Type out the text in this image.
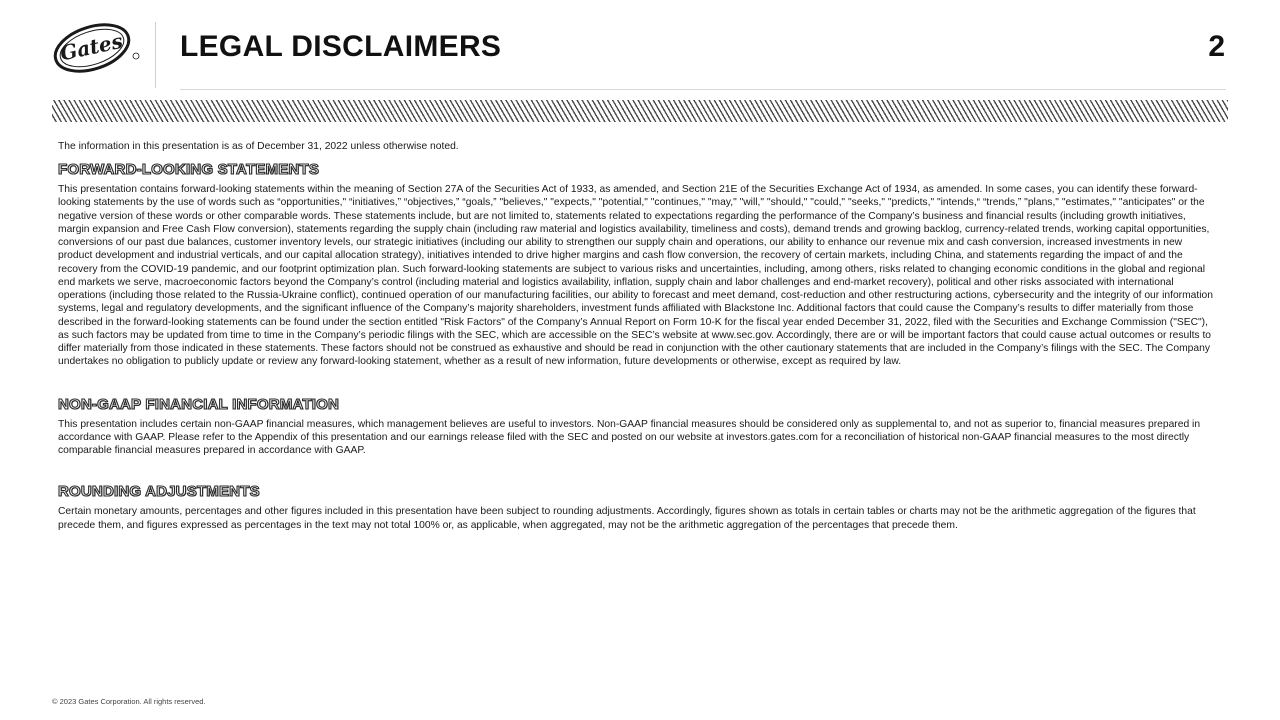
Gates LEGAL DISCLAIMERS	2

The information in this presentation is as of December 31, 2022 unless otherwise noted.

FORWARD-LOOKING STATEMENTS

This presentation contains forward-looking statements within the meaning of Section 27A of the Securities Act of 1933, as amended, and Section 21E of the Securities Exchange Act of 1934, as amended. In some cases, you can identify these forward-looking statements by the use of words such as “opportunities," “initiatives,” “objectives,” “goals,” "believes," "expects," "potential," "continues," "may," "will," "should," "could," "seeks," "predicts," "intends,“ “trends,” "plans," "estimates," "anticipates" or the negative version of these words or other comparable words. These statements include, but are not limited to, statements related to expectations regarding the performance of the Company’s business and financial results (including growth initiatives, margin expansion and Free Cash Flow conversion), statements regarding the supply chain (including raw material and logistics availability, timeliness and costs), demand trends and growing backlog, currency-related trends, working capital opportunities, conversions of our past due balances, customer inventory levels, our strategic initiatives (including our ability to strengthen our supply chain and operations, our ability to enhance our revenue mix and cash conversion, increased investments in new product development and industrial verticals, and our capital allocation strategy), initiatives intended to drive higher margins and cash flow conversion, the recovery of certain markets, including China, and statements regarding the impact of and the recovery from the COVID-19 pandemic, and our footprint optimization plan. Such forward-looking statements are subject to various risks and uncertainties, including, among others, risks related to changing economic conditions in the global and regional end markets we serve, macroeconomic factors beyond the Company’s control (including material and logistics availability, inflation, supply chain and labor challenges and end-market recovery), political and other risks associated with international operations (including those related to the Russia-Ukraine conflict), continued operation of our manufacturing facilities, our ability to forecast and meet demand, cost-reduction and other restructuring actions, cybersecurity and the integrity of our information systems, legal and regulatory developments, and the significant influence of the Company’s majority shareholders, investment funds affiliated with Blackstone Inc. Additional factors that could cause the Company’s results to differ materially from those described in the forward-looking statements can be found under the section entitled "Risk Factors" of the Company’s Annual Report on Form 10-K for the fiscal year ended December 31, 2022, filed with the Securities and Exchange Commission ("SEC"), as such factors may be updated from time to time in the Company’s periodic filings with the SEC, which are accessible on the SEC’s website at www.sec.gov. Accordingly, there are or will be important factors that could cause actual outcomes or results to differ materially from those indicated in these statements. These factors should not be construed as exhaustive and should be read in conjunction with the other cautionary statements that are included in the Company’s filings with the SEC. The Company undertakes no obligation to publicly update or review any forward-looking statement, whether as a result of new information, future developments or otherwise, except as required by law.

NON-GAAP FINANCIAL INFORMATION

This presentation includes certain non-GAAP financial measures, which management believes are useful to investors. Non-GAAP financial measures should be considered only as supplemental to, and not as superior to, financial measures prepared in accordance with GAAP. Please refer to the Appendix of this presentation and our earnings release filed with the SEC and posted on our website at investors.gates.com for a reconciliation of historical non-GAAP financial measures to the most directly comparable financial measures prepared in accordance with GAAP.

ROUNDING ADJUSTMENTS

Certain monetary amounts, percentages and other figures included in this presentation have been subject to rounding adjustments. Accordingly, figures shown as totals in certain tables or charts may not be the arithmetic aggregation of the figures that precede them, and figures expressed as percentages in the text may not total 100% or, as applicable, when aggregated, may not be the arithmetic aggregation of the percentages that precede them.

© 2023 Gates Corporation. All rights reserved.
